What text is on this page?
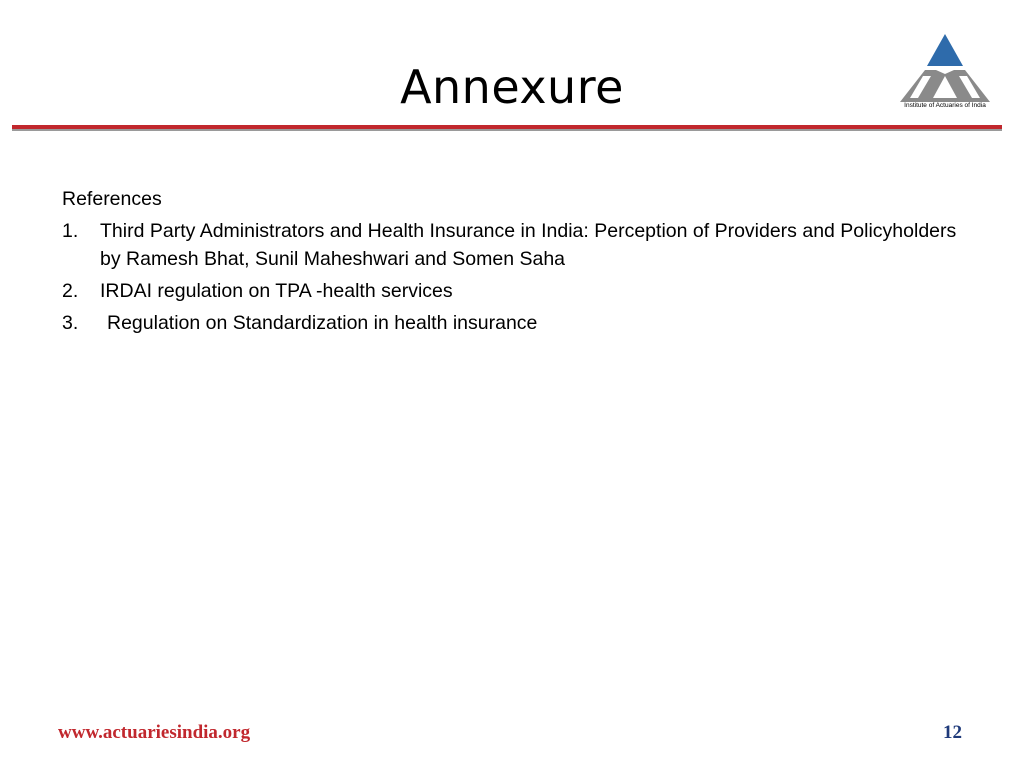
Annexure	Institute of Actuaries of India
References
1. Third Party Administrators and Health Insurance in India: Perception of Providers and Policyholders by Ramesh Bhat, Sunil Maheshwari and Somen Saha
2. IRDAI regulation on TPA -health services
3. Regulation on Standardization in health insurance
www.actuariesindia.org	12
